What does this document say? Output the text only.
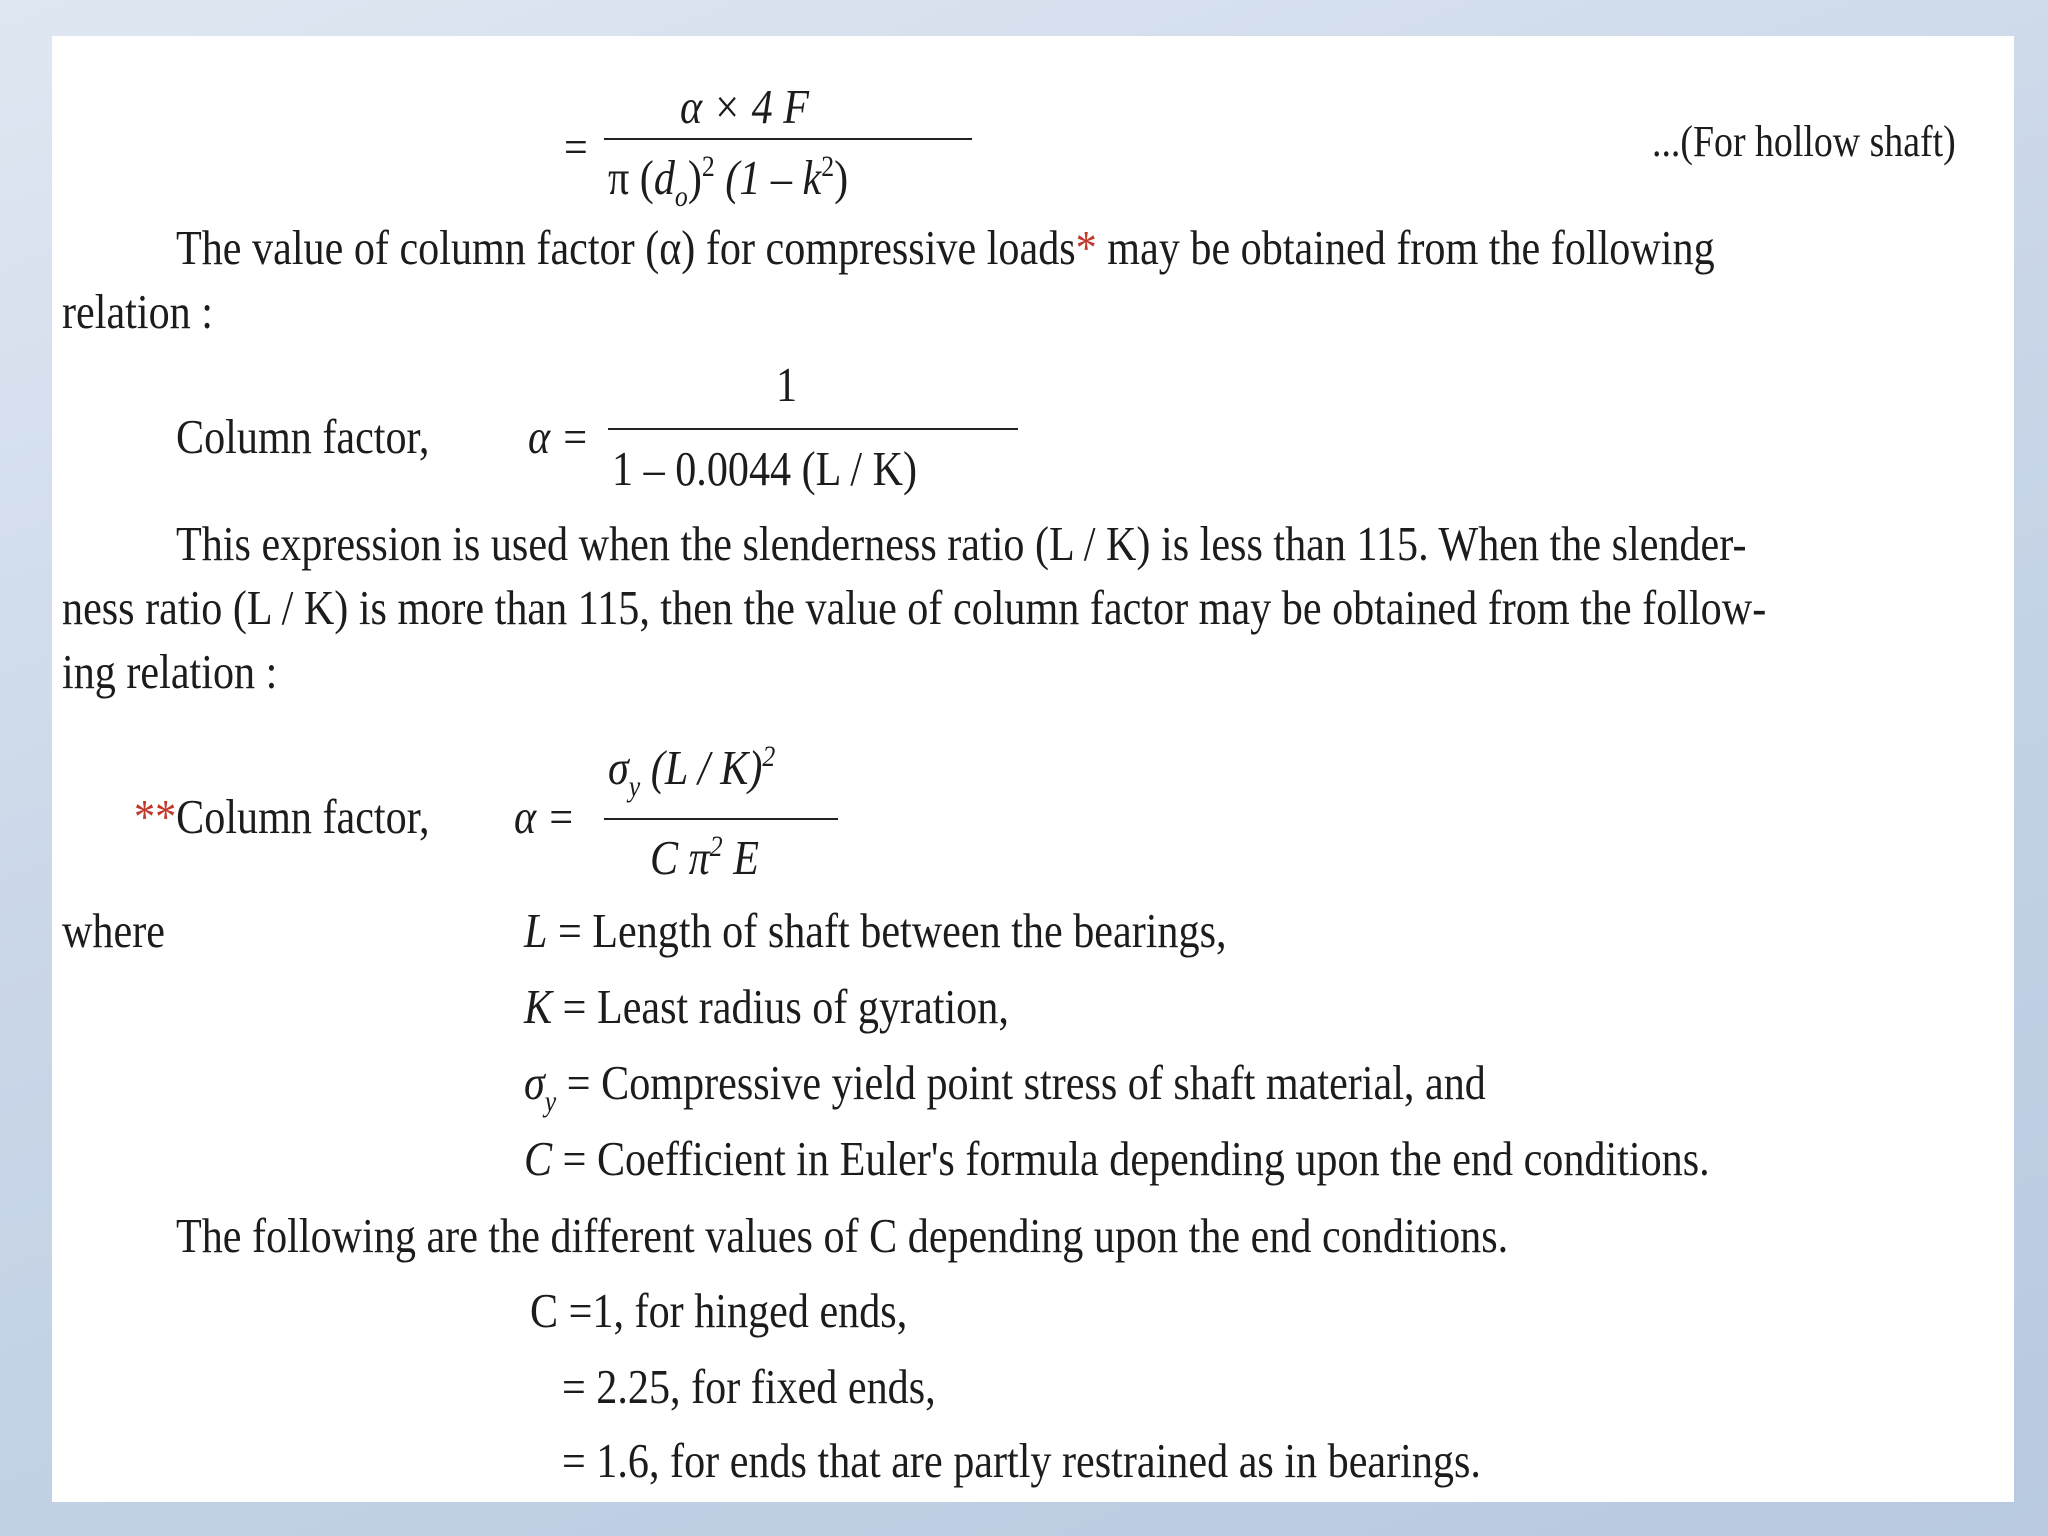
=
α × 4 F
π $(d_o)^2$ $(1 - k^2)$
...(For hollow shaft)
The value of column factor (α) for compressive loads* may be obtained from the following
relation :
Column factor, α =
1
1 – 0.0044 (L / K)
This expression is used when the slenderness ratio (L / K) is less than 115. When the slender-
ness ratio (L / K) is more than 115, then the value of column factor may be obtained from the follow-
ing relation :
**Column factor, α =
$\sigma_y$ (L / K)$^2$
C $\pi^2$ E
where	L = Length of shaft between the bearings,
K = Least radius of gyration,
$\sigma_y$ = Compressive yield point stress of shaft material, and
C = Coefficient in Euler's formula depending upon the end conditions.
The following are the different values of C depending upon the end conditions.
C =1, for hinged ends,
= 2.25, for fixed ends,
= 1.6, for ends that are partly restrained as in bearings.
